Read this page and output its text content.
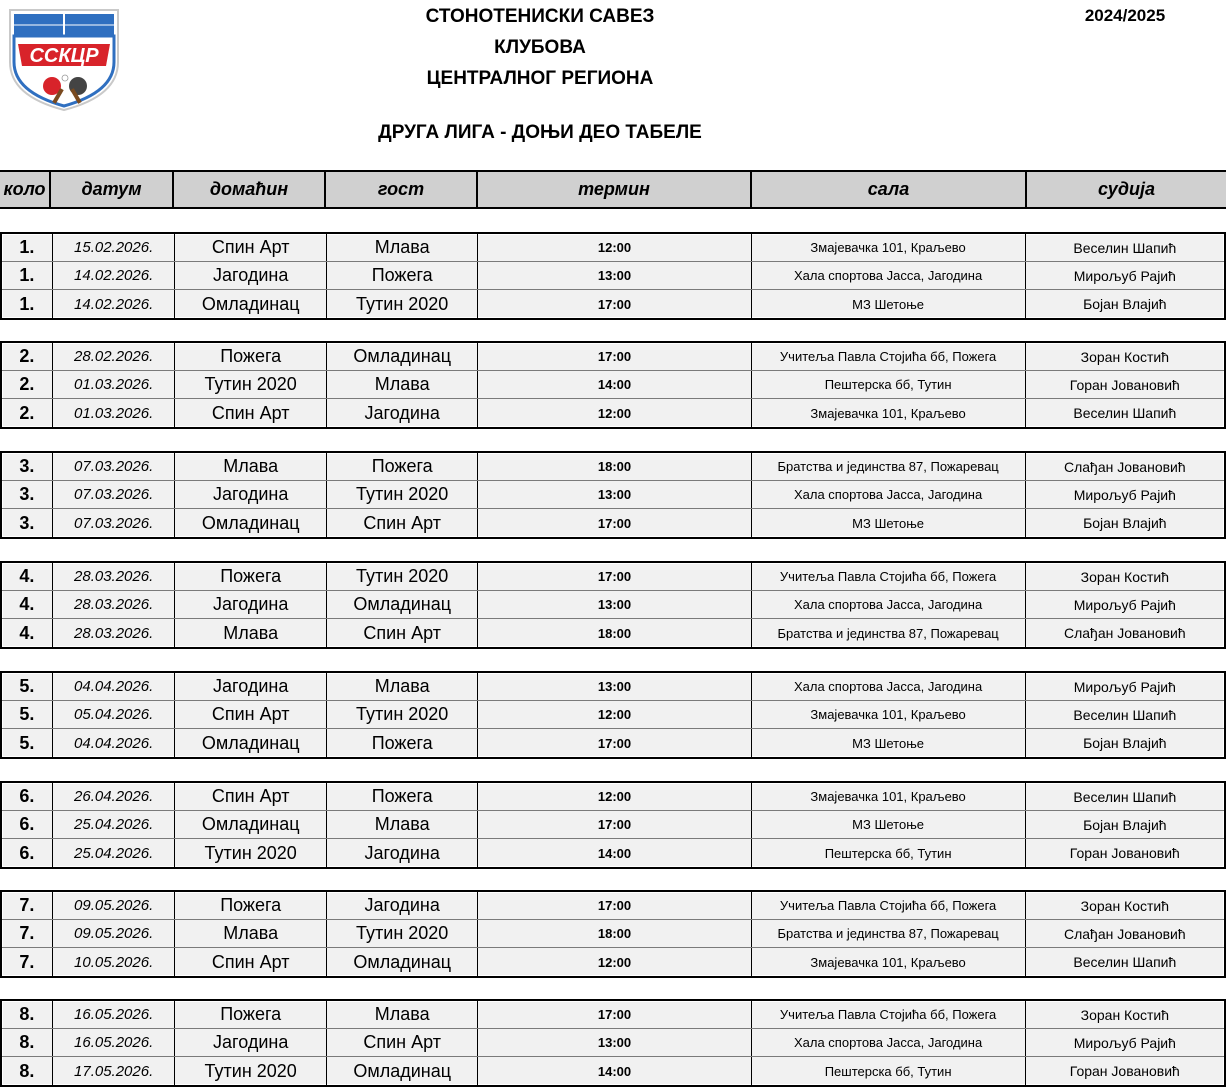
ССКЦР
СТОНОТЕНИСКИ САВЕЗ
КЛУБОВА
ЦЕНТРАЛНОГ РЕГИОНА
2024/2025
ДРУГА ЛИГА - ДОЊИ ДЕО ТАБЕЛЕ
коло	датум	домаћин	гост	термин	сала	судија
1.	15.02.2026.	Спин Арт	Млава	12:00	Змајевачка 101, Краљево	Веселин Шапић
1.	14.02.2026.	Јагодина	Пожега	13:00	Хала спортова Јасса, Јагодина	Мирољуб Рајић
1.	14.02.2026.	Омладинац	Тутин 2020	17:00	МЗ Шетоње	Бојан Влајић
2.	28.02.2026.	Пожега	Омладинац	17:00	Учитеља Павла Стојића бб, Пожега	Зоран Костић
2.	01.03.2026.	Тутин 2020	Млава	14:00	Пештерска бб, Тутин	Горан Јовановић
2.	01.03.2026.	Спин Арт	Јагодина	12:00	Змајевачка 101, Краљево	Веселин Шапић
3.	07.03.2026.	Млава	Пожега	18:00	Братства и јединства 87, Пожаревац	Слађан Јовановић
3.	07.03.2026.	Јагодина	Тутин 2020	13:00	Хала спортова Јасса, Јагодина	Мирољуб Рајић
3.	07.03.2026.	Омладинац	Спин Арт	17:00	МЗ Шетоње	Бојан Влајић
4.	28.03.2026.	Пожега	Тутин 2020	17:00	Учитеља Павла Стојића бб, Пожега	Зоран Костић
4.	28.03.2026.	Јагодина	Омладинац	13:00	Хала спортова Јасса, Јагодина	Мирољуб Рајић
4.	28.03.2026.	Млава	Спин Арт	18:00	Братства и јединства 87, Пожаревац	Слађан Јовановић
5.	04.04.2026.	Јагодина	Млава	13:00	Хала спортова Јасса, Јагодина	Мирољуб Рајић
5.	05.04.2026.	Спин Арт	Тутин 2020	12:00	Змајевачка 101, Краљево	Веселин Шапић
5.	04.04.2026.	Омладинац	Пожега	17:00	МЗ Шетоње	Бојан Влајић
6.	26.04.2026.	Спин Арт	Пожега	12:00	Змајевачка 101, Краљево	Веселин Шапић
6.	25.04.2026.	Омладинац	Млава	17:00	МЗ Шетоње	Бојан Влајић
6.	25.04.2026.	Тутин 2020	Јагодина	14:00	Пештерска бб, Тутин	Горан Јовановић
7.	09.05.2026.	Пожега	Јагодина	17:00	Учитеља Павла Стојића бб, Пожега	Зоран Костић
7.	09.05.2026.	Млава	Тутин 2020	18:00	Братства и јединства 87, Пожаревац	Слађан Јовановић
7.	10.05.2026.	Спин Арт	Омладинац	12:00	Змајевачка 101, Краљево	Веселин Шапић
8.	16.05.2026.	Пожега	Млава	17:00	Учитеља Павла Стојића бб, Пожега	Зоран Костић
8.	16.05.2026.	Јагодина	Спин Арт	13:00	Хала спортова Јасса, Јагодина	Мирољуб Рајић
8.	17.05.2026.	Тутин 2020	Омладинац	14:00	Пештерска бб, Тутин	Горан Јовановић
